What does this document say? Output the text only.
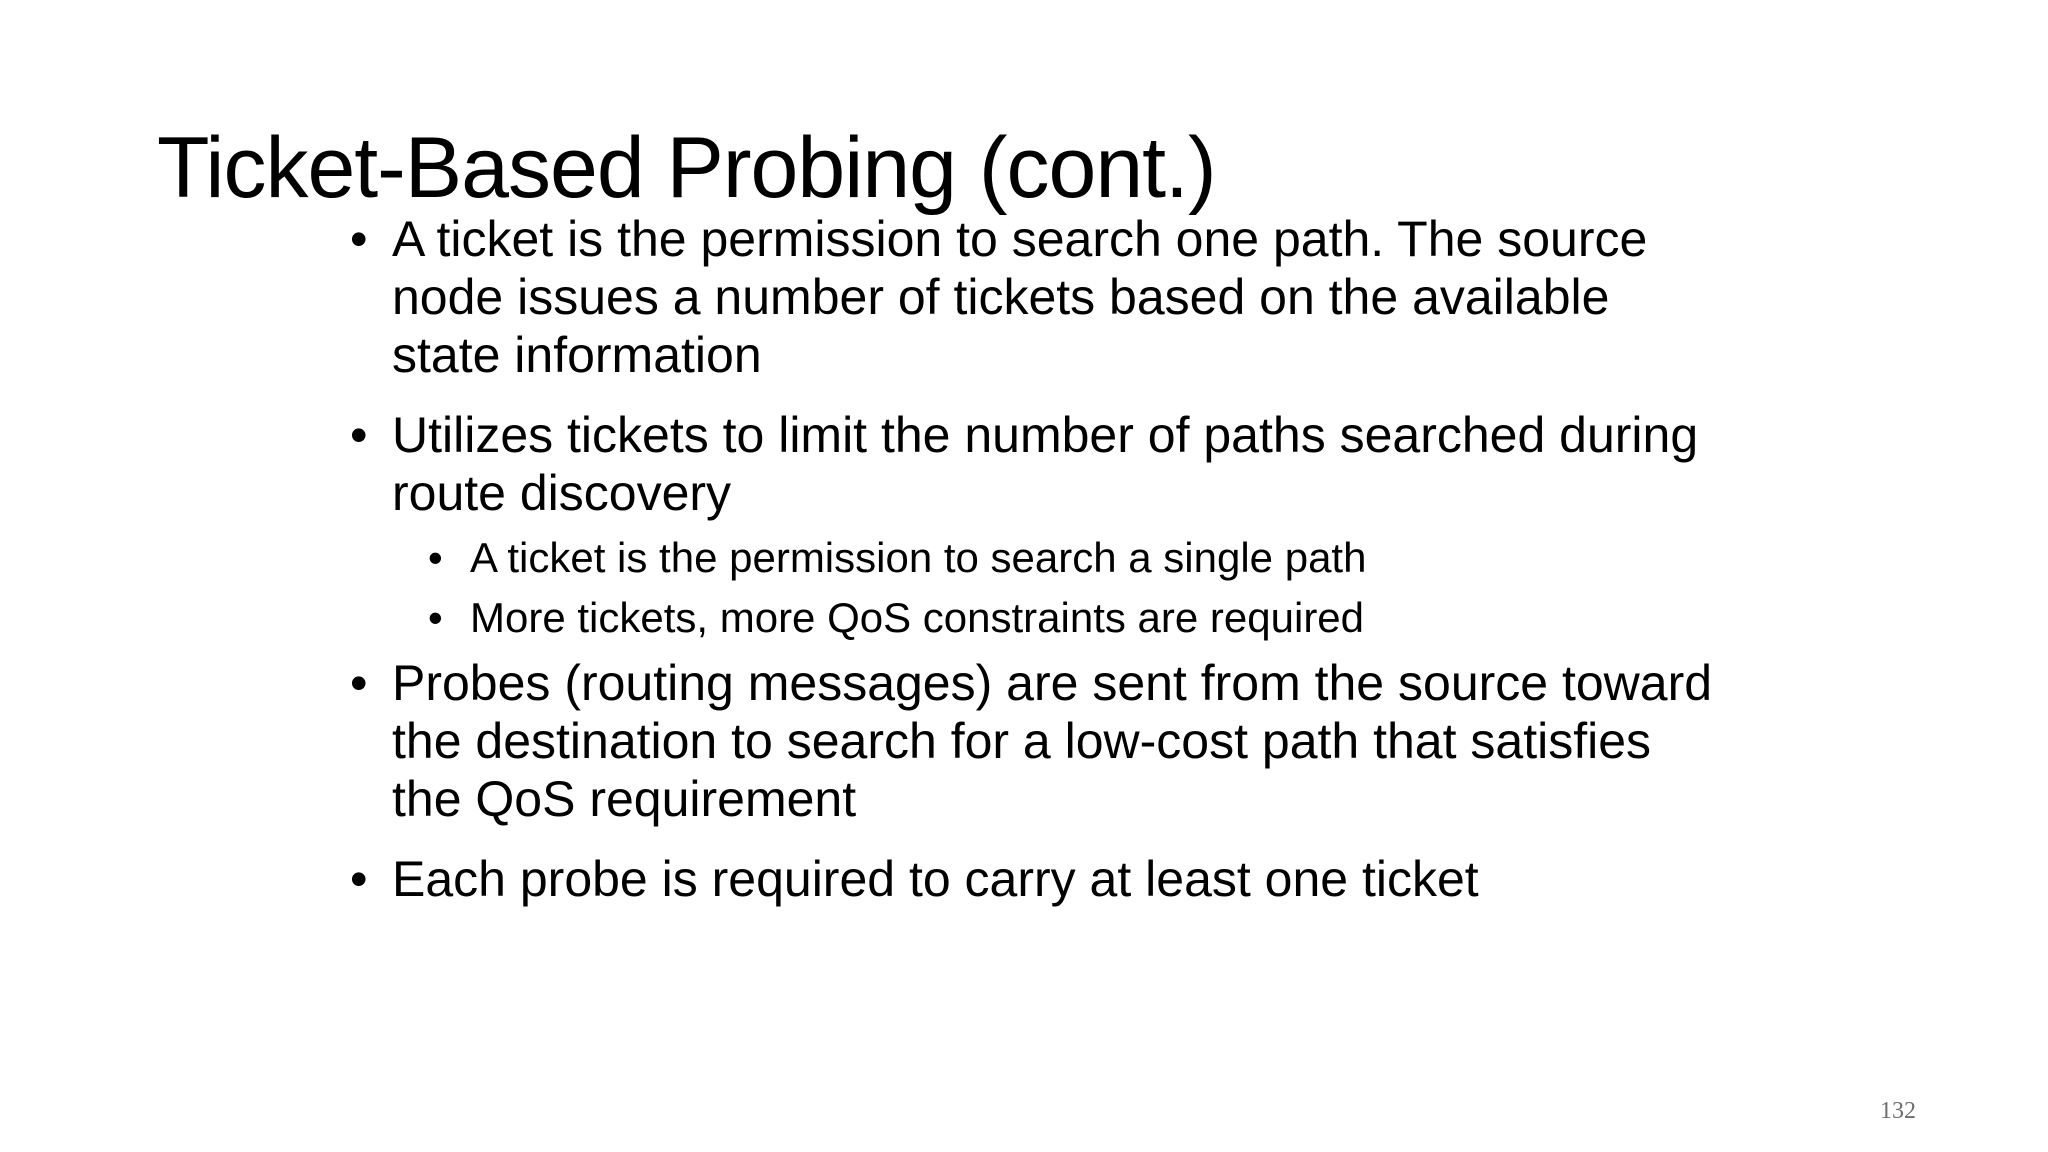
Ticket-Based Probing (cont.)
• A ticket is the permission to search one path. The source node issues a number of tickets based on the available state information
• Utilizes tickets to limit the number of paths searched during route discovery
• A ticket is the permission to search a single path
• More tickets, more QoS constraints are required
• Probes (routing messages) are sent from the source toward the destination to search for a low-cost path that satisfies the QoS requirement
• Each probe is required to carry at least one ticket
132
